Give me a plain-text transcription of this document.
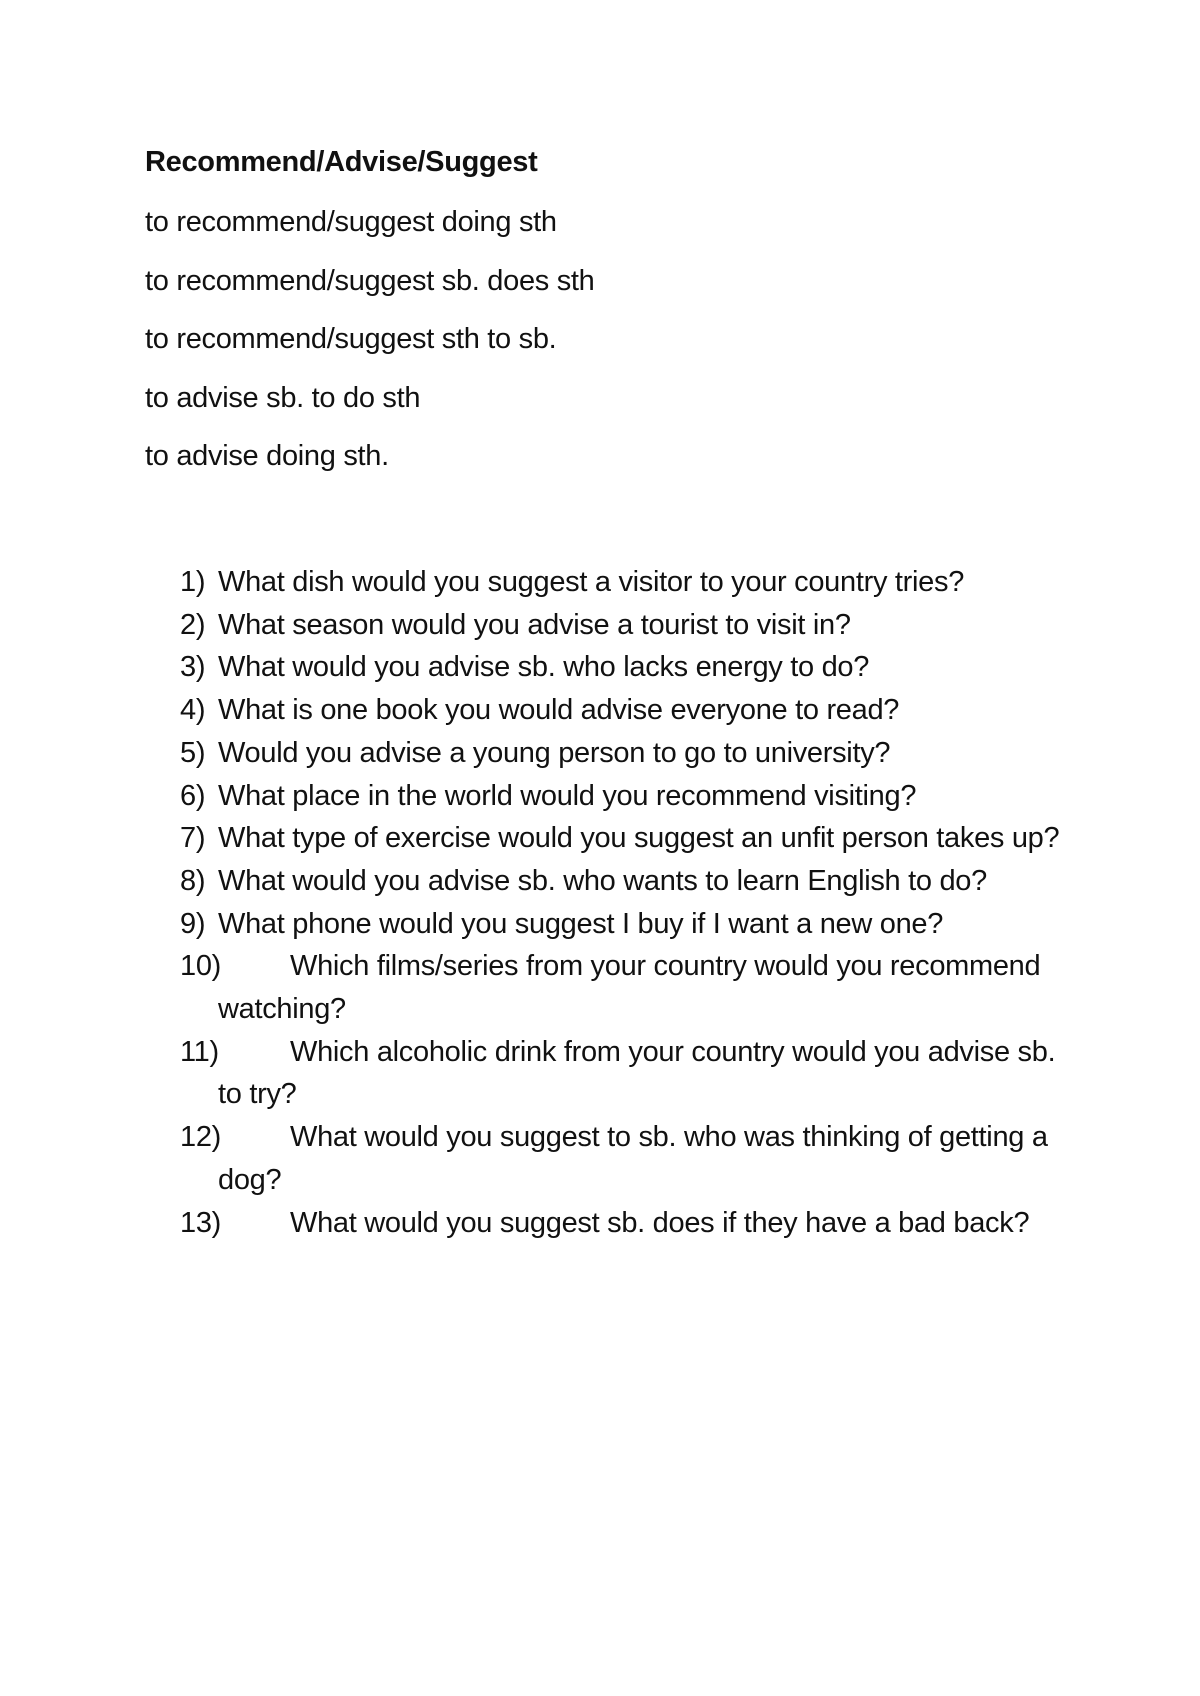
Recommend/Advise/Suggest
to recommend/suggest doing sth
to recommend/suggest sb. does sth
to recommend/suggest sth to sb.
to advise sb. to do sth
to advise doing sth.
1) What dish would you suggest a visitor to your country tries?
2) What season would you advise a tourist to visit in?
3) What would you advise sb. who lacks energy to do?
4) What is one book you would advise everyone to read?
5) Would you advise a young person to go to university?
6) What place in the world would you recommend visiting?
7) What type of exercise would you suggest an unfit person takes up?
8) What would you advise sb. who wants to learn English to do?
9) What phone would you suggest I buy if I want a new one?
10) Which films/series from your country would you recommend watching?
11) Which alcoholic drink from your country would you advise sb. to try?
12) What would you suggest to sb. who was thinking of getting a dog?
13) What would you suggest sb. does if they have a bad back?
